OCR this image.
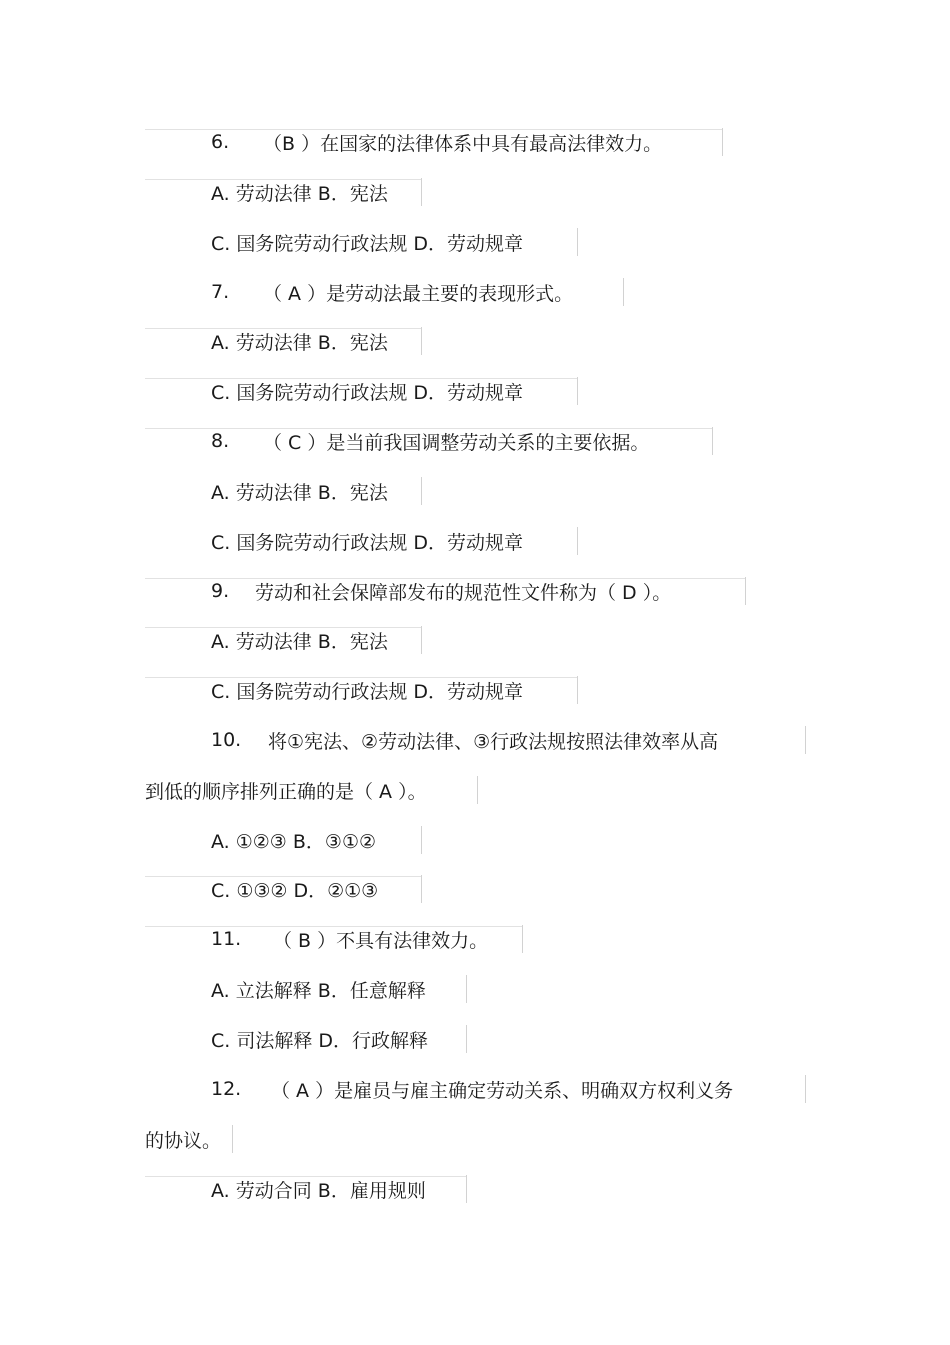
6.	（B ）在国家的法律体系中具有最高法律效力。
A. 劳动法律 B．宪法
C. 国务院劳动行政法规 D．劳动规章
7.	（ A ）是劳动法最主要的表现形式。
A. 劳动法律 B．宪法
C. 国务院劳动行政法规 D．劳动规章
8.	（ C ）是当前我国调整劳动关系的主要依据。
A. 劳动法律 B．宪法
C. 国务院劳动行政法规 D．劳动规章
9.	劳动和社会保障部发布的规范性文件称为（ D ）。
A. 劳动法律 B．宪法
C. 国务院劳动行政法规 D．劳动规章
10.	将①宪法、②劳动法律、③行政法规按照法律效率从高
到低的顺序排列正确的是（ A ）。
A. ①②③ B．③①②
C. ①③② D．②①③
11.	（ B ）不具有法律效力。
A. 立法解释 B．任意解释
C. 司法解释 D．行政解释
12.	（ A ）是雇员与雇主确定劳动关系、明确双方权利义务
的协议。
A. 劳动合同 B．雇用规则
